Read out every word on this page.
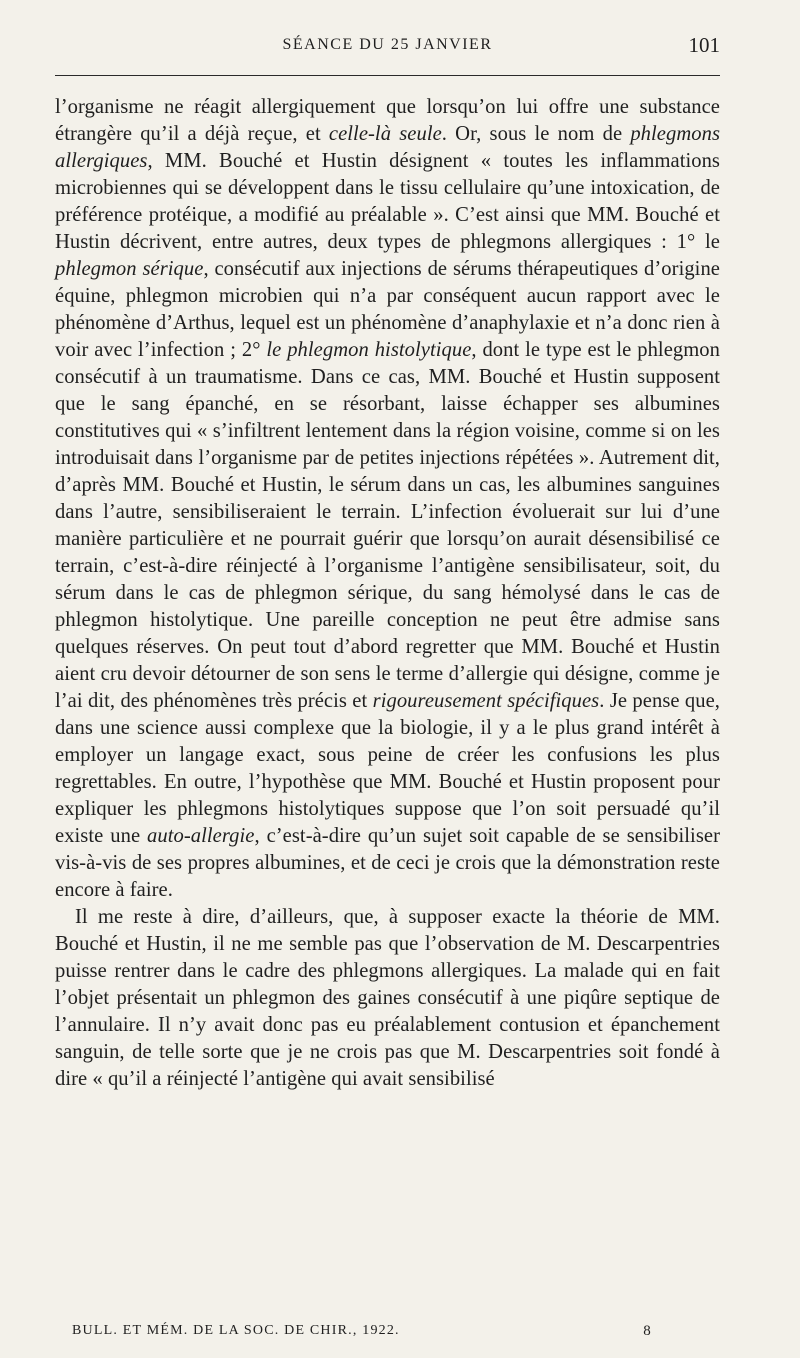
SÉANCE DU 25 JANVIER	101

l’organisme ne réagit allergiquement que lorsqu’on lui offre une substance étrangère qu’il a déjà reçue, et celle-là seule. Or, sous le nom de phlegmons allergiques, MM. Bouché et Hustin désignent « toutes les inflammations microbiennes qui se développent dans le tissu cellulaire qu’une intoxication, de préférence protéique, a modifié au préalable ». C’est ainsi que MM. Bouché et Hustin décrivent, entre autres, deux types de phlegmons allergiques : 1° le phlegmon sérique, consécutif aux injections de sérums thérapeutiques d’origine équine, phlegmon microbien qui n’a par conséquent aucun rapport avec le phénomène d’Arthus, lequel est un phénomène d’anaphylaxie et n’a donc rien à voir avec l’infection ; 2° le phlegmon histolytique, dont le type est le phlegmon consécutif à un traumatisme. Dans ce cas, MM. Bouché et Hustin supposent que le sang épanché, en se résorbant, laisse échapper ses albumines constitutives qui « s’infiltrent lentement dans la région voisine, comme si on les introduisait dans l’organisme par de petites injections répétées ». Autrement dit, d’après MM. Bouché et Hustin, le sérum dans un cas, les albumines sanguines dans l’autre, sensibiliseraient le terrain. L’infection évoluerait sur lui d’une manière particulière et ne pourrait guérir que lorsqu’on aurait désensibilisé ce terrain, c’est-à-dire réinjecté à l’organisme l’antigène sensibilisateur, soit, du sérum dans le cas de phlegmon sérique, du sang hémolysé dans le cas de phlegmon histolytique. Une pareille conception ne peut être admise sans quelques réserves. On peut tout d’abord regretter que MM. Bouché et Hustin aient cru devoir détourner de son sens le terme d’allergie qui désigne, comme je l’ai dit, des phénomènes très précis et rigoureusement spécifiques. Je pense que, dans une science aussi complexe que la biologie, il y a le plus grand intérêt à employer un langage exact, sous peine de créer les confusions les plus regrettables. En outre, l’hypothèse que MM. Bouché et Hustin proposent pour expliquer les phlegmons histolytiques suppose que l’on soit persuadé qu’il existe une auto-allergie, c’est-à-dire qu’un sujet soit capable de se sensibiliser vis-à-vis de ses propres albumines, et de ceci je crois que la démonstration reste encore à faire.

Il me reste à dire, d’ailleurs, que, à supposer exacte la théorie de MM. Bouché et Hustin, il ne me semble pas que l’observation de M. Descarpentries puisse rentrer dans le cadre des phlegmons allergiques. La malade qui en fait l’objet présentait un phlegmon des gaines consécutif à une piqûre septique de l’annulaire. Il n’y avait donc pas eu préalablement contusion et épanchement sanguin, de telle sorte que je ne crois pas que M. Descarpentries soit fondé à dire « qu’il a réinjecté l’antigène qui avait sensibilisé

BULL. ET MÉM. DE LA SOC. DE CHIR., 1922.	8
